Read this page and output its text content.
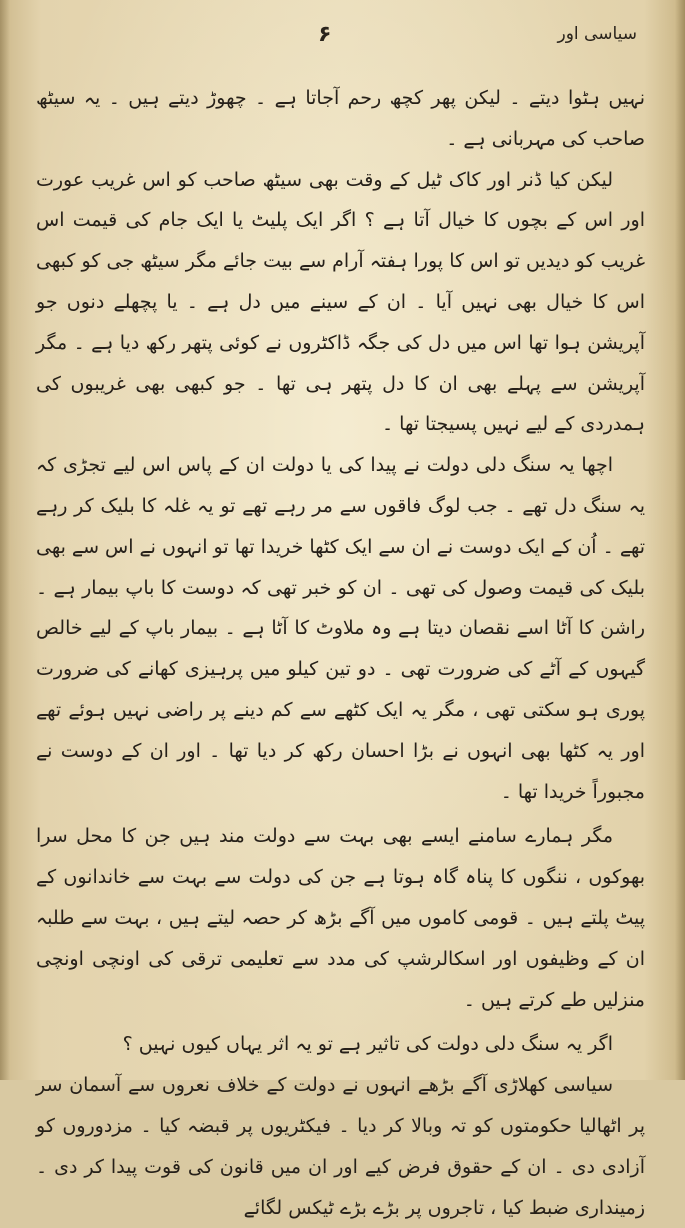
سیاسی اور
۶

نہیں ہٹوا دیتے ۔ لیکن پھر کچھ رحم آجاتا ہے ۔ چھوڑ دیتے ہیں ۔ یہ سیٹھ صاحب کی مہربانی ہے ۔

لیکن کیا ڈنر اور کاک ٹیل کے وقت بھی سیٹھ صاحب کو اس غریب عورت اور اس کے بچوں کا خیال آتا ہے ؟ اگر ایک پلیٹ یا ایک جام کی قیمت اس غریب کو دیدیں تو اس کا پورا ہفتہ آرام سے بیت جائے مگر سیٹھ جی کو کبھی اس کا خیال بھی نہیں آیا ۔ ان کے سینے میں دل ہے ۔ یا پچھلے دنوں جو آپریشن ہوا تھا اس میں دل کی جگہ ڈاکٹروں نے کوئی پتھر رکھ دیا ہے ۔ مگر آپریشن سے پہلے بھی ان کا دل پتھر ہی تھا ۔ جو کبھی بھی غریبوں کی ہمدردی کے لیے نہیں پسیجتا تھا ۔

اچھا یہ سنگ دلی دولت نے پیدا کی یا دولت ان کے پاس اس لیے تجڑی کہ یہ سنگ دل تھے ۔ جب لوگ فاقوں سے مر رہے تھے تو یہ غلہ کا بلیک کر رہے تھے ۔ اُن کے ایک دوست نے ان سے ایک کٹھا خریدا تھا تو انہوں نے اس سے بھی بلیک کی قیمت وصول کی تھی ۔ ان کو خبر تھی کہ دوست کا باپ بیمار ہے ۔ راشن کا آٹا اسے نقصان دیتا ہے وہ ملاوٹ کا آٹا ہے ۔ بیمار باپ کے لیے خالص گیہوں کے آٹے کی ضرورت تھی ۔ دو تین کیلو میں پرہیزی کھانے کی ضرورت پوری ہو سکتی تھی ، مگر یہ ایک کٹھے سے کم دینے پر راضی نہیں ہوئے تھے اور یہ کٹھا بھی انہوں نے بڑا احسان رکھ کر دیا تھا ۔ اور ان کے دوست نے مجبوراً خریدا تھا ۔

مگر ہمارے سامنے ایسے بھی بہت سے دولت مند ہیں جن کا محل سرا بھوکوں ، ننگوں کا پناہ گاہ ہوتا ہے جن کی دولت سے بہت سے خاندانوں کے پیٹ پلتے ہیں ۔ قومی کاموں میں آگے بڑھ کر حصہ لیتے ہیں ، بہت سے طلبہ ان کے وظیفوں اور اسکالرشپ کی مدد سے تعلیمی ترقی کی اونچی اونچی منزلیں طے کرتے ہیں ۔

اگر یہ سنگ دلی دولت کی تاثیر ہے تو یہ اثر یہاں کیوں نہیں ؟

سیاسی کھلاڑی آگے بڑھے انہوں نے دولت کے خلاف نعروں سے آسمان سر پر اٹھالیا حکومتوں کو تہ وبالا کر دیا ۔ فیکٹریوں پر قبضہ کیا ۔ مزدوروں کو آزادی دی ۔ ان کے حقوق فرض کیے اور ان میں قانون کی قوت پیدا کر دی ۔ زمینداری ضبط کیا ، تاجروں پر بڑے بڑے ٹیکس لگائے
